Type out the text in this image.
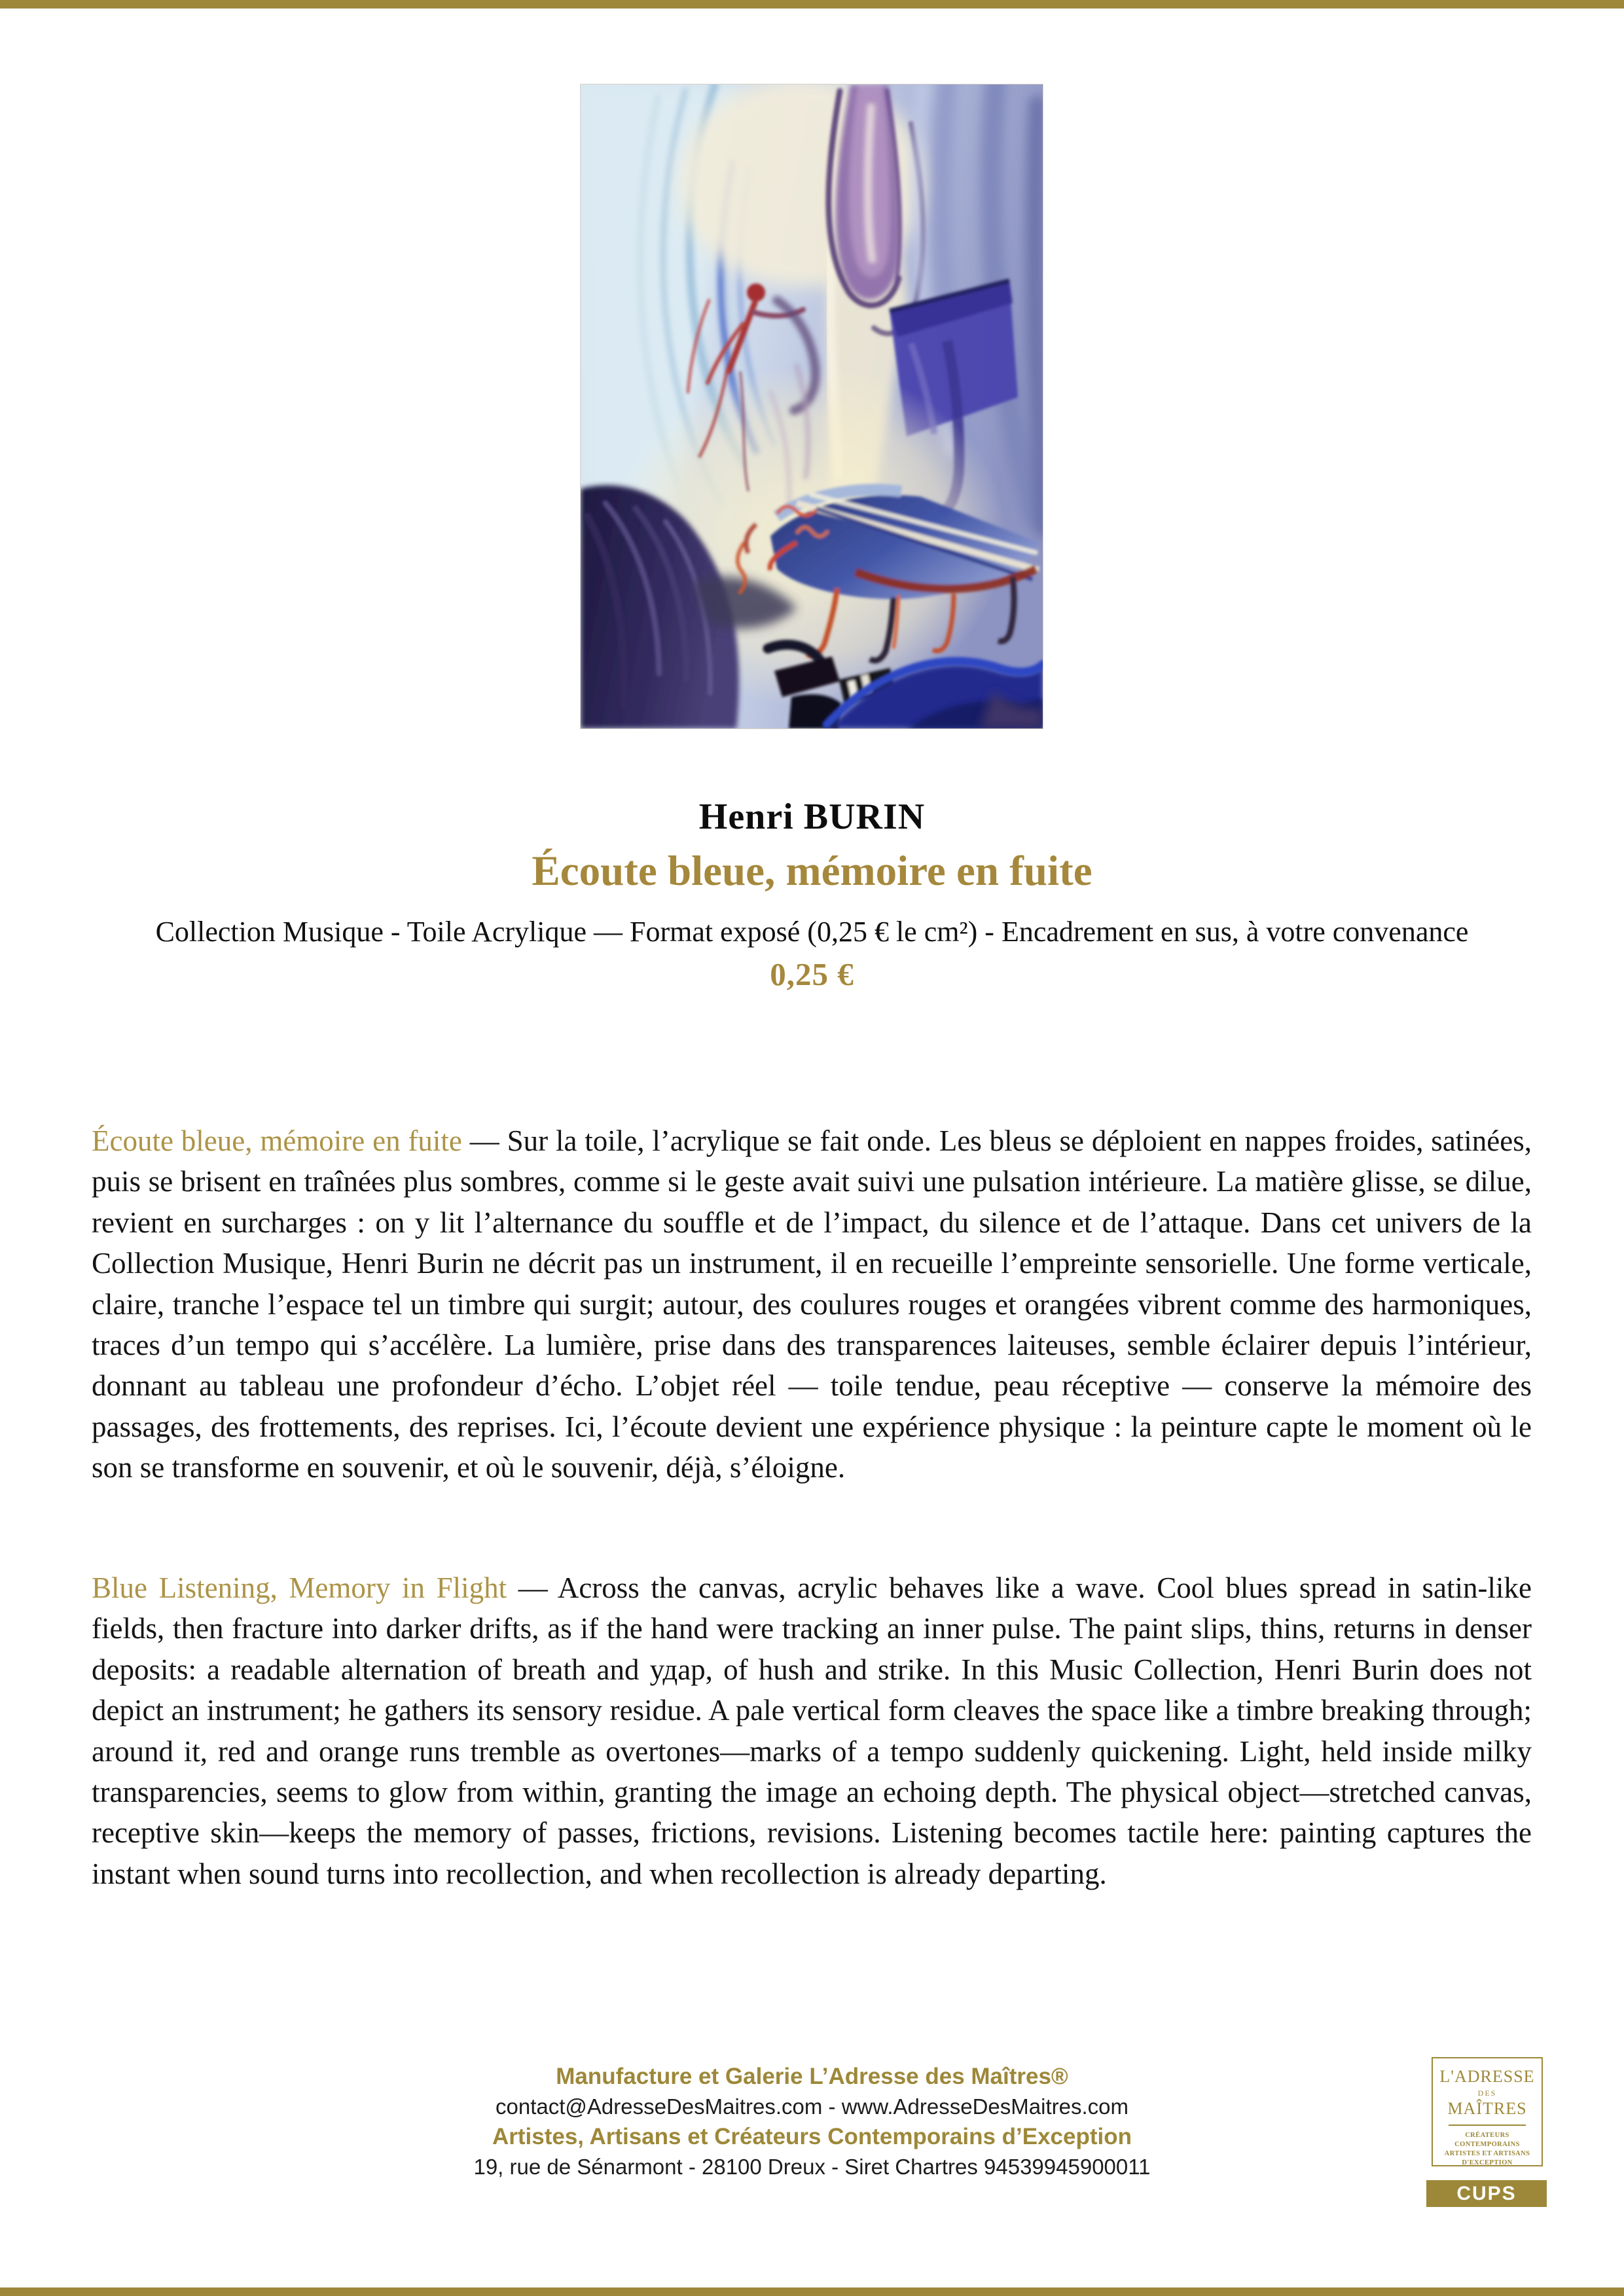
Henri BURIN
Écoute bleue, mémoire en fuite
Collection Musique - Toile Acrylique — Format exposé (0,25 € le cm²) - Encadrement en sus, à votre convenance
0,25 €
Écoute bleue, mémoire en fuite — Sur la toile, l’acrylique se fait onde. Les bleus se déploient en nappes froides, satinées, puis se brisent en traînées plus sombres, comme si le geste avait suivi une pulsation intérieure. La matière glisse, se dilue, revient en surcharges : on y lit l’alternance du souffle et de l’impact, du silence et de l’attaque. Dans cet univers de la Collection Musique, Henri Burin ne décrit pas un instrument, il en recueille l’empreinte sensorielle. Une forme verticale, claire, tranche l’espace tel un timbre qui surgit; autour, des coulures rouges et orangées vibrent comme des harmoniques, traces d’un tempo qui s’accélère. La lumière, prise dans des transparences laiteuses, semble éclairer depuis l’intérieur, donnant au tableau une profondeur d’écho. L’objet réel — toile tendue, peau réceptive — conserve la mémoire des passages, des frottements, des reprises. Ici, l’écoute devient une expérience physique : la peinture capte le moment où le son se transforme en souvenir, et où le souvenir, déjà, s’éloigne.
Blue Listening, Memory in Flight — Across the canvas, acrylic behaves like a wave. Cool blues spread in satin-like fields, then fracture into darker drifts, as if the hand were tracking an inner pulse. The paint slips, thins, returns in denser deposits: a readable alternation of breath and удар, of hush and strike. In this Music Collection, Henri Burin does not depict an instrument; he gathers its sensory residue. A pale vertical form cleaves the space like a timbre breaking through; around it, red and orange runs tremble as overtones—marks of a tempo suddenly quickening. Light, held inside milky transparencies, seems to glow from within, granting the image an echoing depth. The physical object—stretched canvas, receptive skin—keeps the memory of passes, frictions, revisions. Listening becomes tactile here: painting captures the instant when sound turns into recollection, and when recollection is already departing.
Manufacture et Galerie L’Adresse des Maîtres®
contact@AdresseDesMaitres.com - www.AdresseDesMaitres.com
Artistes, Artisans et Créateurs Contemporains d’Exception
19, rue de Sénarmont - 28100 Dreux - Siret Chartres 94539945900011
L'ADRESSE
DES
MAÎTRES
CRÉATEURS CONTEMPORAINS
ARTISTES ET ARTISANS
D'EXCEPTION
CUPS
